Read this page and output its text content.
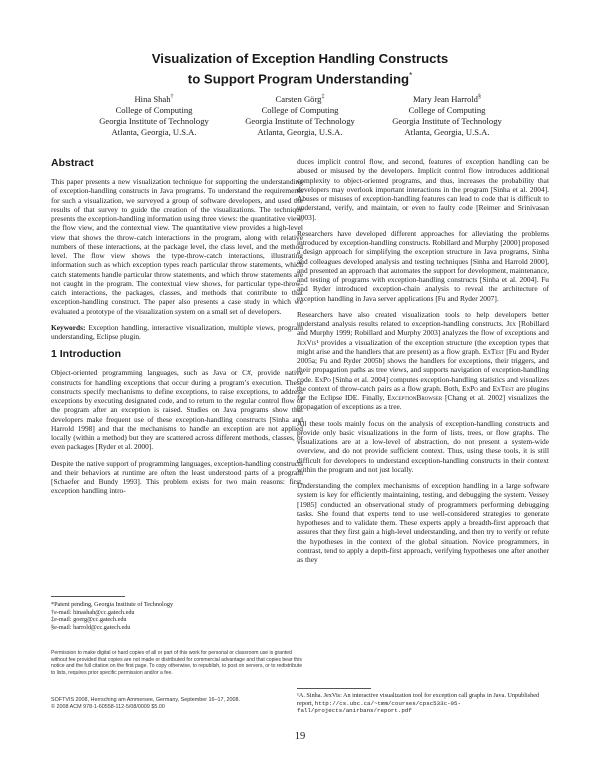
Visualization of Exception Handling Constructs
to Support Program Understanding*
Hina Shah†
College of Computing
Georgia Institute of Technology
Atlanta, Georgia, U.S.A.
Carsten Görg‡
College of Computing
Georgia Institute of Technology
Atlanta, Georgia, U.S.A.
Mary Jean Harrold§
College of Computing
Georgia Institute of Technology
Atlanta, Georgia, U.S.A.
Abstract

This paper presents a new visualization technique for supporting the understanding of exception-handling constructs in Java programs. To understand the requirements for such a visualization, we surveyed a group of software developers, and used the results of that survey to guide the creation of the visualizations. The technique presents the exception-handling information using three views: the quantitative view, the flow view, and the contextual view. The quantitative view provides a high-level view that shows the throw-catch interactions in the program, along with relative numbers of these interactions, at the package level, the class level, and the method level. The flow view shows the type-throw-catch interactions, illustrating information such as which exception types reach particular throw statements, which catch statements handle particular throw statements, and which throw statements are not caught in the program. The contextual view shows, for particular type-throw-catch interactions, the packages, classes, and methods that contribute to that exception-handling construct. The paper also presents a case study in which we evaluated a prototype of the visualization system on a small set of developers.

Keywords: Exception handling, interactive visualization, multiple views, program understanding, Eclipse plugin.

1 Introduction

Object-oriented programming languages, such as Java or C#, provide native constructs for handling exceptions that occur during a program’s execution. These constructs specify mechanisms to define exceptions, to raise exceptions, to address exceptions by executing designated code, and to return to the regular control flow of the program after an exception is raised. Studies on Java programs show that developers make frequent use of these exception-handling constructs [Sinha and Harrold 1998] and that the mechanisms to handle an exception are not applied locally (within a method) but they are scattered across different methods, classes, or even packages [Ryder et al. 2000].

Despite the native support of programming languages, exception-handling constructs and their behaviors at runtime are often the least understood parts of a program [Schaefer and Bundy 1993]. This problem exists for two main reasons: first, exception handling intro-

*Patent pending, Georgia Institute of Technology
†e-mail: hinashah@cc.gatech.edu
‡e-mail: goerg@cc.gatech.edu
§e-mail: harrold@cc.gatech.edu
Permission to make digital or hard copies of all or part of this work for personal or classroom use is granted without fee provided that copies are not made or distributed for commercial advantage and that copies bear this notice and the full citation on the first page. To copy otherwise, to republish, to post on servers, or to redistribute to lists, requires prior specific permission and/or a fee.
SOFTVIS 2008, Herrsching am Ammersee, Germany, September 16–17, 2008.
© 2008 ACM 978-1-60558-112-5/08/0009 $5.00

duces implicit control flow, and second, features of exception handling can be abused or misused by the developers. Implicit control flow introduces additional complexity to object-oriented programs, and thus, increases the probability that developers may overlook important interactions in the program [Sinha et al. 2004]. Abuses or misuses of exception-handling features can lead to code that is difficult to understand, verify, and maintain, or even to faulty code [Reimer and Srinivasan 2003].

Researchers have developed different approaches for alleviating the problems introduced by exception-handling constructs. Robillard and Murphy [2000] proposed a design approach for simplifying the exception structure in Java programs, Sinha and colleagues developed analysis and testing techniques [Sinha and Harrold 2000], and presented an approach that automates the support for development, maintenance, and testing of programs with exception-handling constructs [Sinha et al. 2004]. Fu and Ryder introduced exception-chain analysis to reveal the architecture of exception handling in Java server applications [Fu and Ryder 2007].

Researchers have also created visualization tools to help developers better understand analysis results related to exception-handling constructs. Jex [Robillard and Murphy 1999; Robillard and Murphy 2003] analyzes the flow of exceptions and JexVis¹ provides a visualization of the exception structure (the exception types that might arise and the handlers that are present) as a flow graph. ExTest [Fu and Ryder 2005a; Fu and Ryder 2005b] shows the handlers for exceptions, their triggers, and their propagation paths as tree views, and supports navigation of exception-handling code. ExPo [Sinha et al. 2004] computes exception-handling statistics and visualizes the context of throw-catch pairs as a flow graph. Both, ExPo and ExTest are plugins for the Eclipse IDE. Finally, ExceptionBrowser [Chang et al. 2002] visualizes the propagation of exceptions as a tree.

All these tools mainly focus on the analysis of exception-handling constructs and provide only basic visualizations in the form of lists, trees, or flow graphs. The visualizations are at a low-level of abstraction, do not present a system-wide overview, and do not provide sufficient context. Thus, using these tools, it is still difficult for developers to understand exception-handling constructs in their context within the program and not just locally.

Understanding the complex mechanisms of exception handling in a large software system is key for efficiently maintaining, testing, and debugging the system. Vessey [1985] conducted an observational study of programmers performing debugging tasks. She found that experts tend to use well-considered strategies to generate hypotheses and to validate them. These experts apply a breadth-first approach that assures that they first gain a high-level understanding, and then try to verify or refute the hypotheses in the context of the global situation. Novice programmers, in contrast, tend to apply a depth-first approach, verifying hypotheses one after another as they

¹A. Sinha. JexVis: An interactive visualization tool for exception call graphs in Java. Unpublished report, http://cs.ubc.ca/~tmm/courses/cpsc533c-05-fall/projects/anirbans/report.pdf
19
